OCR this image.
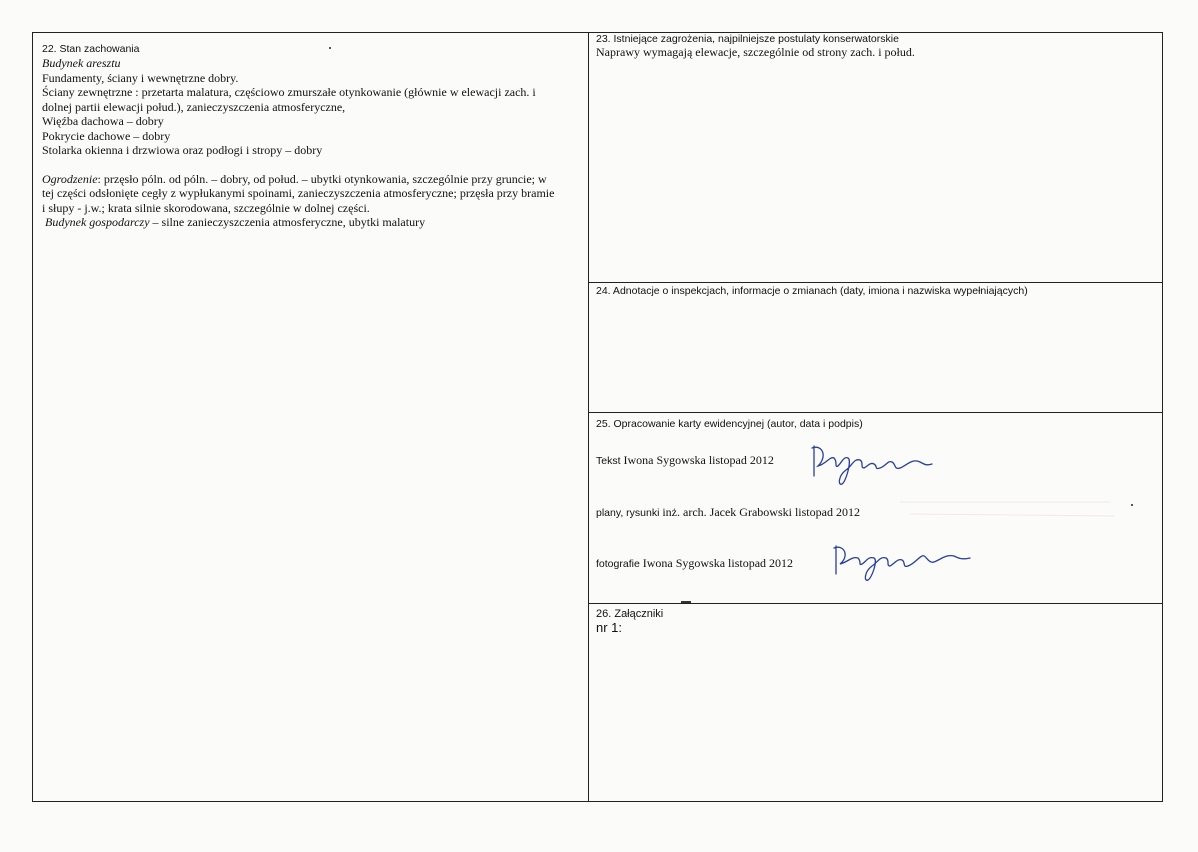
22. Stan zachowania
Budynek aresztu
Fundamenty, ściany i wewnętrzne dobry.
Ściany zewnętrzne : przetarta malatura, częściowo zmurszałe otynkowanie (głównie w elewacji zach. i
dolnej partii elewacji połud.), zanieczyszczenia atmosferyczne,
Więźba dachowa – dobry
Pokrycie dachowe – dobry
Stolarka okienna i drzwiowa oraz podłogi i stropy – dobry
Ogrodzenie: przęsło póln. od póln. – dobry, od połud. – ubytki otynkowania, szczególnie przy gruncie; w
tej części odsłonięte cegły z wypłukanymi spoinami, zanieczyszczenia atmosferyczne; przęsła przy bramie
i słupy - j.w.; krata silnie skorodowana, szczególnie w dolnej części.
Budynek gospodarczy – silne zanieczyszczenia atmosferyczne, ubytki malatury
23. Istniejące zagrożenia, najpilniejsze postulaty konserwatorskie
Naprawy wymagają elewacje, szczególnie od strony zach. i połud.
24. Adnotacje o inspekcjach, informacje o zmianach (daty, imiona i nazwiska wypełniających)
25. Opracowanie karty ewidencyjnej (autor, data i podpis)
Tekst Iwona Sygowska listopad 2012
plany, rysunki inż. arch. Jacek Grabowski listopad 2012
fotografie Iwona Sygowska listopad 2012
26. Załączniki
nr 1:
